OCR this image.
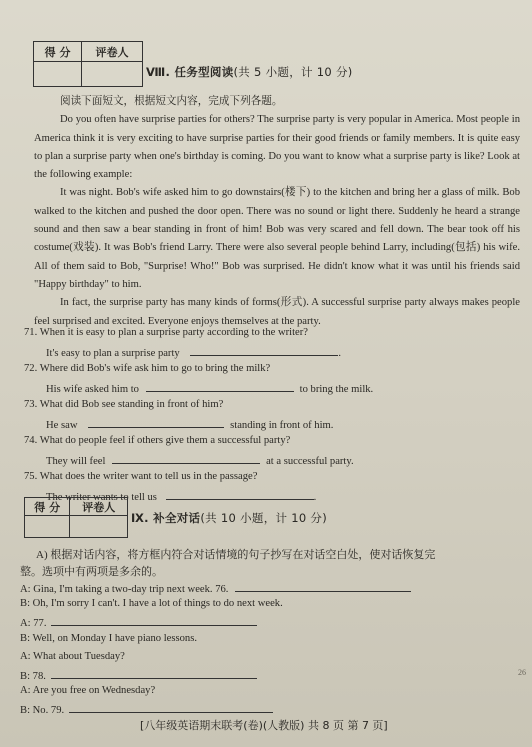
得 分	评卷人

Ⅷ. 任务型阅读(共 5 小题，计 10 分)

阅读下面短文，根据短文内容，完成下列各题。

Do you often have surprise parties for others? The surprise party is very popular in America. Most people in America think it is very exciting to have surprise parties for their good friends or family members. It is quite easy to plan a surprise party when one's birthday is coming. Do you want to know what a surprise party is like? Look at the following example:

It was night. Bob's wife asked him to go downstairs(楼下) to the kitchen and bring her a glass of milk. Bob walked to the kitchen and pushed the door open. There was no sound or light there. Suddenly he heard a strange sound and then saw a bear standing in front of him! Bob was very scared and fell down. The bear took off his costume(戏装). It was Bob's friend Larry. There were also several people behind Larry, including(包括) his wife. All of them said to Bob, "Surprise! Who!" Bob was surprised. He didn't know what it was until his friends said "Happy birthday" to him.

In fact, the surprise party has many kinds of forms(形式). A successful surprise party always makes people feel surprised and excited. Everyone enjoys themselves at the party.

71. When it is easy to plan a surprise party according to the writer?
It's easy to plan a surprise party	.
72. Where did Bob's wife ask him to go to bring the milk?
His wife asked him to	to bring the milk.
73. What did Bob see standing in front of him?
He saw	standing in front of him.
74. What do people feel if others give them a successful party?
They will feel	at a successful party.
75. What does the writer want to tell us in the passage?
The writer wants to tell us	.
得 分	评卷人

Ⅸ. 补全对话(共 10 小题，计 10 分)
A) 根据对话内容，将方框内符合对话情境的句子抄写在对话空白处，使对话恢复完
整。选项中有两项是多余的。
A: Gina, I'm taking a two-day trip next week. 76.
B: Oh, I'm sorry I can't. I have a lot of things to do next week.
A: 77.
B: Well, on Monday I have piano lessons.
A: What about Tuesday?
B: 78.
A: Are you free on Wednesday?
B: No. 79.
[八年级英语期末联考(卷)(人教版) 共 8 页 第 7 页]
26
